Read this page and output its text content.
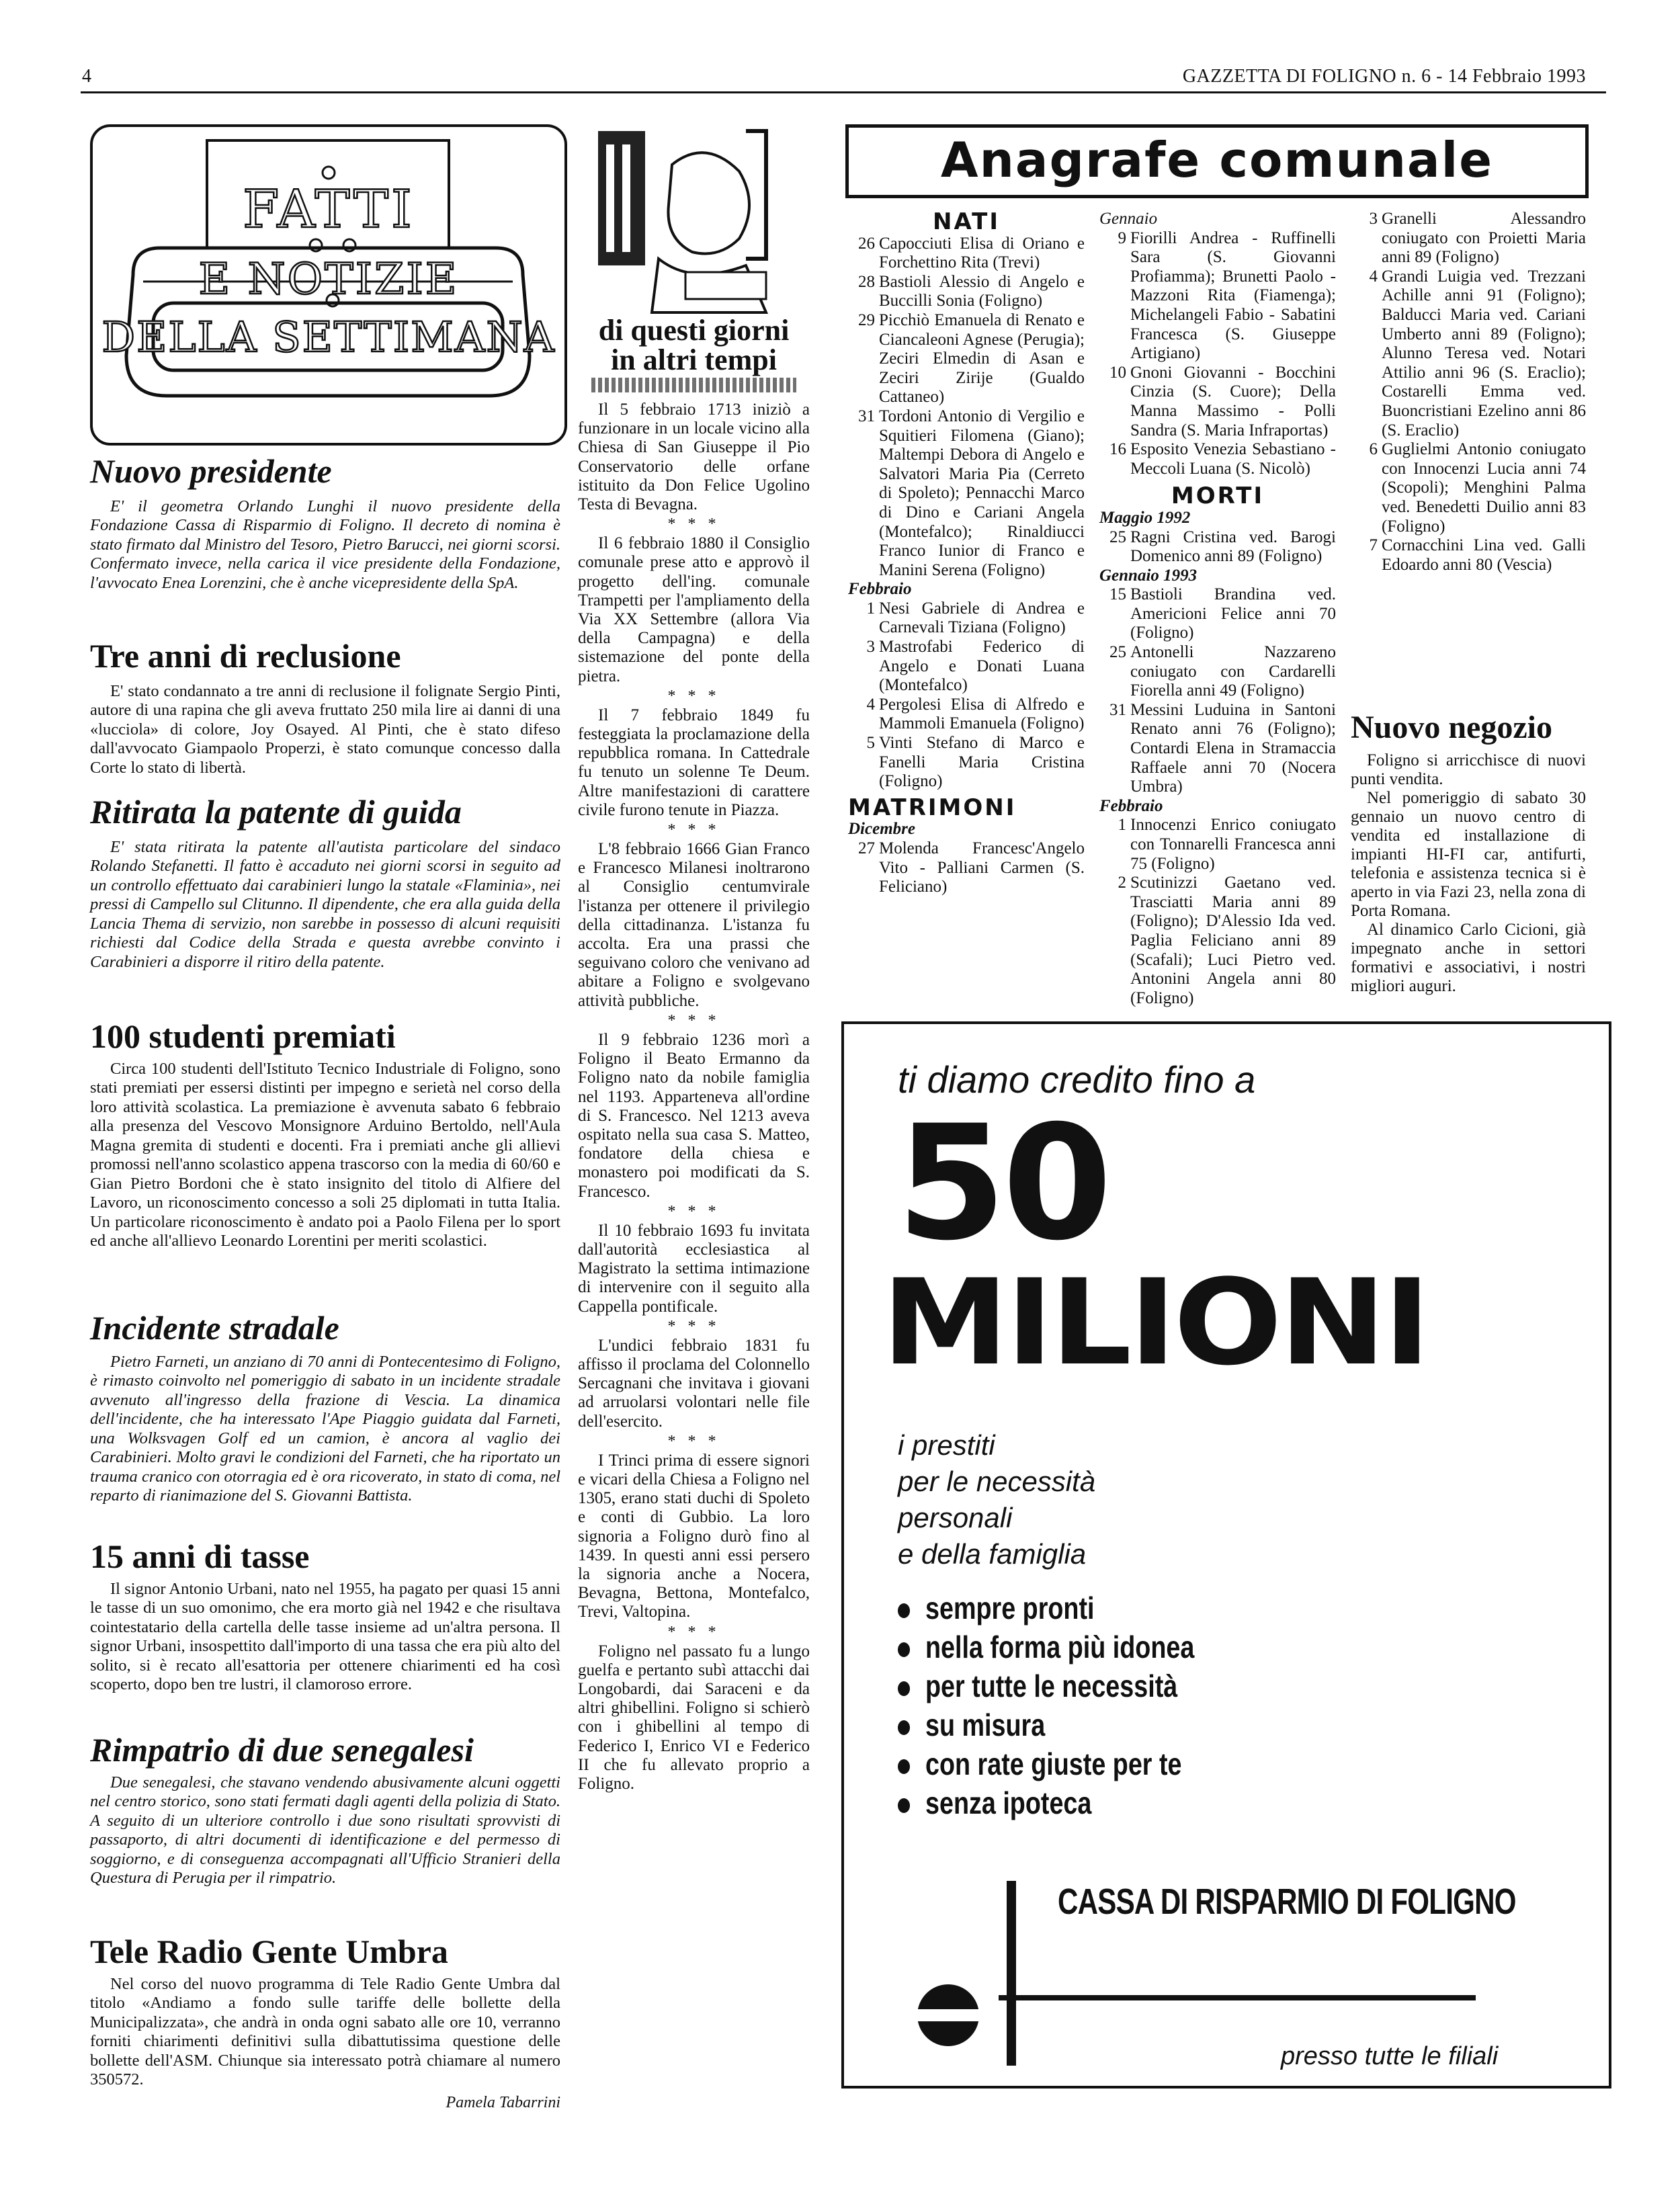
4	GAZZETTA DI FOLIGNO n. 6 - 14 Febbraio 1993
FATTI
E NOTIZIE
DELLA SETTIMANA
Nuovo presidente

E' il geometra Orlando Lunghi il nuovo presidente della Fondazione Cassa di Risparmio di Foligno. Il decreto di nomina è stato firmato dal Ministro del Tesoro, Pietro Barucci, nei giorni scorsi. Confermato invece, nella carica il vice presidente della Fondazione, l'avvocato Enea Lorenzini, che è anche vicepresidente della SpA.

Tre anni di reclusione

E' stato condannato a tre anni di reclusione il folignate Sergio Pinti, autore di una rapina che gli aveva fruttato 250 mila lire ai danni di una «lucciola» di colore, Joy Osayed. Al Pinti, che è stato difeso dall'avvocato Giampaolo Properzi, è stato comunque concesso dalla Corte lo stato di libertà.

Ritirata la patente di guida

E' stata ritirata la patente all'autista particolare del sindaco Rolando Stefanetti. Il fatto è accaduto nei giorni scorsi in seguito ad un controllo effettuato dai carabinieri lungo la statale «Flaminia», nei pressi di Campello sul Clitunno. Il dipendente, che era alla guida della Lancia Thema di servizio, non sarebbe in possesso di alcuni requisiti richiesti dal Codice della Strada e questa avrebbe convinto i Carabinieri a disporre il ritiro della patente.

100 studenti premiati

Circa 100 studenti dell'Istituto Tecnico Industriale di Foligno, sono stati premiati per essersi distinti per impegno e serietà nel corso della loro attività scolastica. La premiazione è avvenuta sabato 6 febbraio alla presenza del Vescovo Monsignore Arduino Bertoldo, nell'Aula Magna gremita di studenti e docenti. Fra i premiati anche gli allievi promossi nell'anno scolastico appena trascorso con la media di 60/60 e Gian Pietro Bordoni che è stato insignito del titolo di Alfiere del Lavoro, un riconoscimento concesso a soli 25 diplomati in tutta Italia. Un particolare riconoscimento è andato poi a Paolo Filena per lo sport ed anche all'allievo Leonardo Lorentini per meriti scolastici.

Incidente stradale

Pietro Farneti, un anziano di 70 anni di Pontecentesimo di Foligno, è rimasto coinvolto nel pomeriggio di sabato in un incidente stradale avvenuto all'ingresso della frazione di Vescia. La dinamica dell'incidente, che ha interessato l'Ape Piaggio guidata dal Farneti, una Wolksvagen Golf ed un camion, è ancora al vaglio dei Carabinieri. Molto gravi le condizioni del Farneti, che ha riportato un trauma cranico con otorragia ed è ora ricoverato, in stato di coma, nel reparto di rianimazione del S. Giovanni Battista.

15 anni di tasse

Il signor Antonio Urbani, nato nel 1955, ha pagato per quasi 15 anni le tasse di un suo omonimo, che era morto già nel 1942 e che risultava cointestatario della cartella delle tasse insieme ad un'altra persona. Il signor Urbani, insospettito dall'importo di una tassa che era più alto del solito, si è recato all'esattoria per ottenere chiarimenti ed ha così scoperto, dopo ben tre lustri, il clamoroso errore.

Rimpatrio di due senegalesi

Due senegalesi, che stavano vendendo abusivamente alcuni oggetti nel centro storico, sono stati fermati dagli agenti della polizia di Stato. A seguito di un ulteriore controllo i due sono risultati sprovvisti di passaporto, di altri documenti di identificazione e del permesso di soggiorno, e di conseguenza accompagnati all'Ufficio Stranieri della Questura di Perugia per il rimpatrio.

Tele Radio Gente Umbra

Nel corso del nuovo programma di Tele Radio Gente Umbra dal titolo «Andiamo a fondo sulle tariffe delle bollette della Municipalizzata», che andrà in onda ogni sabato alle ore 10, verranno forniti chiarimenti definitivi sulla dibattutissima questione delle bollette dell'ASM. Chiunque sia interessato potrà chiamare al numero 350572.

Pamela Tabarrini
di questi giorni
in altri tempi

Il 5 febbraio 1713 iniziò a funzionare in un locale vicino alla Chiesa di San Giuseppe il Pio Conservatorio delle orfane istituito da Don Felice Ugolino Testa di Bevagna.

* * *

Il 6 febbraio 1880 il Consiglio comunale prese atto e approvò il progetto dell'ing. comunale Trampetti per l'ampliamento della Via XX Settembre (allora Via della Campagna) e della sistemazione del ponte della pietra.

* * *

Il 7 febbraio 1849 fu festeggiata la proclamazione della repubblica romana. In Cattedrale fu tenuto un solenne Te Deum. Altre manifestazioni di carattere civile furono tenute in Piazza.

* * *

L'8 febbraio 1666 Gian Franco e Francesco Milanesi inoltrarono al Consiglio centumvirale l'istanza per ottenere il privilegio della cittadinanza. L'istanza fu accolta. Era una prassi che seguivano coloro che venivano ad abitare a Foligno e svolgevano attività pubbliche.

* * *

Il 9 febbraio 1236 morì a Foligno il Beato Ermanno da Foligno nato da nobile famiglia nel 1193. Appartenevа all'ordine di S. Francesco. Nel 1213 aveva ospitato nella sua casa S. Matteo, fondatore della chiesa e monastero poi modificati da S. Francesco.

* * *

Il 10 febbraio 1693 fu invitata dall'autorità ecclesiastica al Magistrato la settima intimazione di intervenire con il seguito alla Cappella pontificale.

* * *

L'undici febbraio 1831 fu affisso il proclama del Colonnello Sercagnani che invitava i giovani ad arruolarsi volontari nelle file dell'esercito.

* * *

I Trinci prima di essere signori e vicari della Chiesa a Foligno nel 1305, erano stati duchi di Spoleto e conti di Gubbio. La loro signoria a Foligno durò fino al 1439. In questi anni essi persero la signoria anche a Nocera, Bevagna, Bettona, Montefalco, Trevi, Valtopina.

* * *

Foligno nel passato fu a lungo guelfa e pertanto subì attacchi dai Longobardi, dai Saraceni e da altri ghibellini. Foligno si schierò con i ghibellini al tempo di Federico I, Enrico VI e Federico II che fu allevato proprio a Foligno.

Anagrafe comunale
NATI
26 Capocciuti Elisa di Oriano e Forchettino Rita (Trevi)
28 Bastioli Alessio di Angelo e Buccilli Sonia (Foligno)
29 Picchiò Emanuela di Renato e Ciancaleoni Agnese (Perugia); Zeciri Elmedin di Asan e Zeciri Zirije (Gualdo Cattaneo)
31 Tordoni Antonio di Vergilio e Squitieri Filomena (Giano); Maltempi Debora di Angelo e Salvatori Maria Pia (Cerreto di Spoleto); Pennacchi Marco di Dino e Cariani Angela (Montefalco); Rinaldiucci Franco Iunior di Franco e Manini Serena (Foligno)
Febbraio
1 Nesi Gabriele di Andrea e Carnevali Tiziana (Foligno)
3 Mastrofabi Federico di Angelo e Donati Luana (Montefalco)
4 Pergolesi Elisa di Alfredo e Mammoli Emanuela (Foligno)
5 Vinti Stefano di Marco e Fanelli Maria Cristina (Foligno)
MATRIMONI
Dicembre
27 Molenda Francesc'Angelo Vito - Palliani Carmen (S. Feliciano)
Gennaio
9 Fiorilli Andrea - Ruffinelli Sara (S. Giovanni Profiamma); Brunetti Paolo - Mazzoni Rita (Fiamenga); Michelangeli Fabio - Sabatini Francesca (S. Giuseppe Artigiano)
10 Gnoni Giovanni - Bocchini Cinzia (S. Cuore); Della Manna Massimo - Polli Sandra (S. Maria Infraportas)
16 Esposito Venezia Sebastiano - Meccoli Luana (S. Nicolò)
MORTI
Maggio 1992
25 Ragni Cristina ved. Barogi Domenico anni 89 (Foligno)
Gennaio 1993
15 Bastioli Brandina ved. Americioni Felice anni 70 (Foligno)
25 Antonelli Nazzareno coniugato con Cardarelli Fiorella anni 49 (Foligno)
31 Messini Luduina in Santoni Renato anni 76 (Foligno); Contardi Elena in Stramaccia Raffaele anni 70 (Nocera Umbra)
Febbraio
1 Innocenzi Enrico coniugato con Tonnarelli Francesca anni 75 (Foligno)
2 Scutinizzi Gaetano ved. Trasciatti Maria anni 89 (Foligno); D'Alessio Ida ved. Paglia Feliciano anni 89 (Scafali); Luci Pietro ved. Antonini Angela anni 80 (Foligno)
3 Granelli Alessandro coniugato con Proietti Maria anni 89 (Foligno)
4 Grandi Luigia ved. Trezzani Achille anni 91 (Foligno); Balducci Maria ved. Cariani Umberto anni 89 (Foligno); Alunno Teresa ved. Notari Attilio anni 96 (S. Eraclio); Costarelli Emma ved. Buoncristiani Ezelino anni 86 (S. Eraclio)
6 Guglielmi Antonio coniugato con Innocenzi Lucia anni 74 (Scopoli); Menghini Palma ved. Benedetti Duilio anni 83 (Foligno)
7 Cornacchini Lina ved. Galli Edoardo anni 80 (Vescia)
Nuovo negozio

Foligno si arricchisce di nuovi punti vendita.

Nel pomeriggio di sabato 30 gennaio un nuovo centro di vendita ed installazione di impianti HI-FI car, antifurti, telefonia e assistenza tecnica si è aperto in via Fazi 23, nella zona di Porta Romana.

Al dinamico Carlo Cicioni, già impegnato anche in settori formativi e associativi, i nostri migliori auguri.

ti diamo credito fino a
50
MILIONI
i prestiti
per le necessità
personali
e della famiglia
sempre pronti
nella forma più idonea
per tutte le necessità
su misura
con rate giuste per te
senza ipoteca
CASSA DI RISPARMIO DI FOLIGNO
presso tutte le filiali
